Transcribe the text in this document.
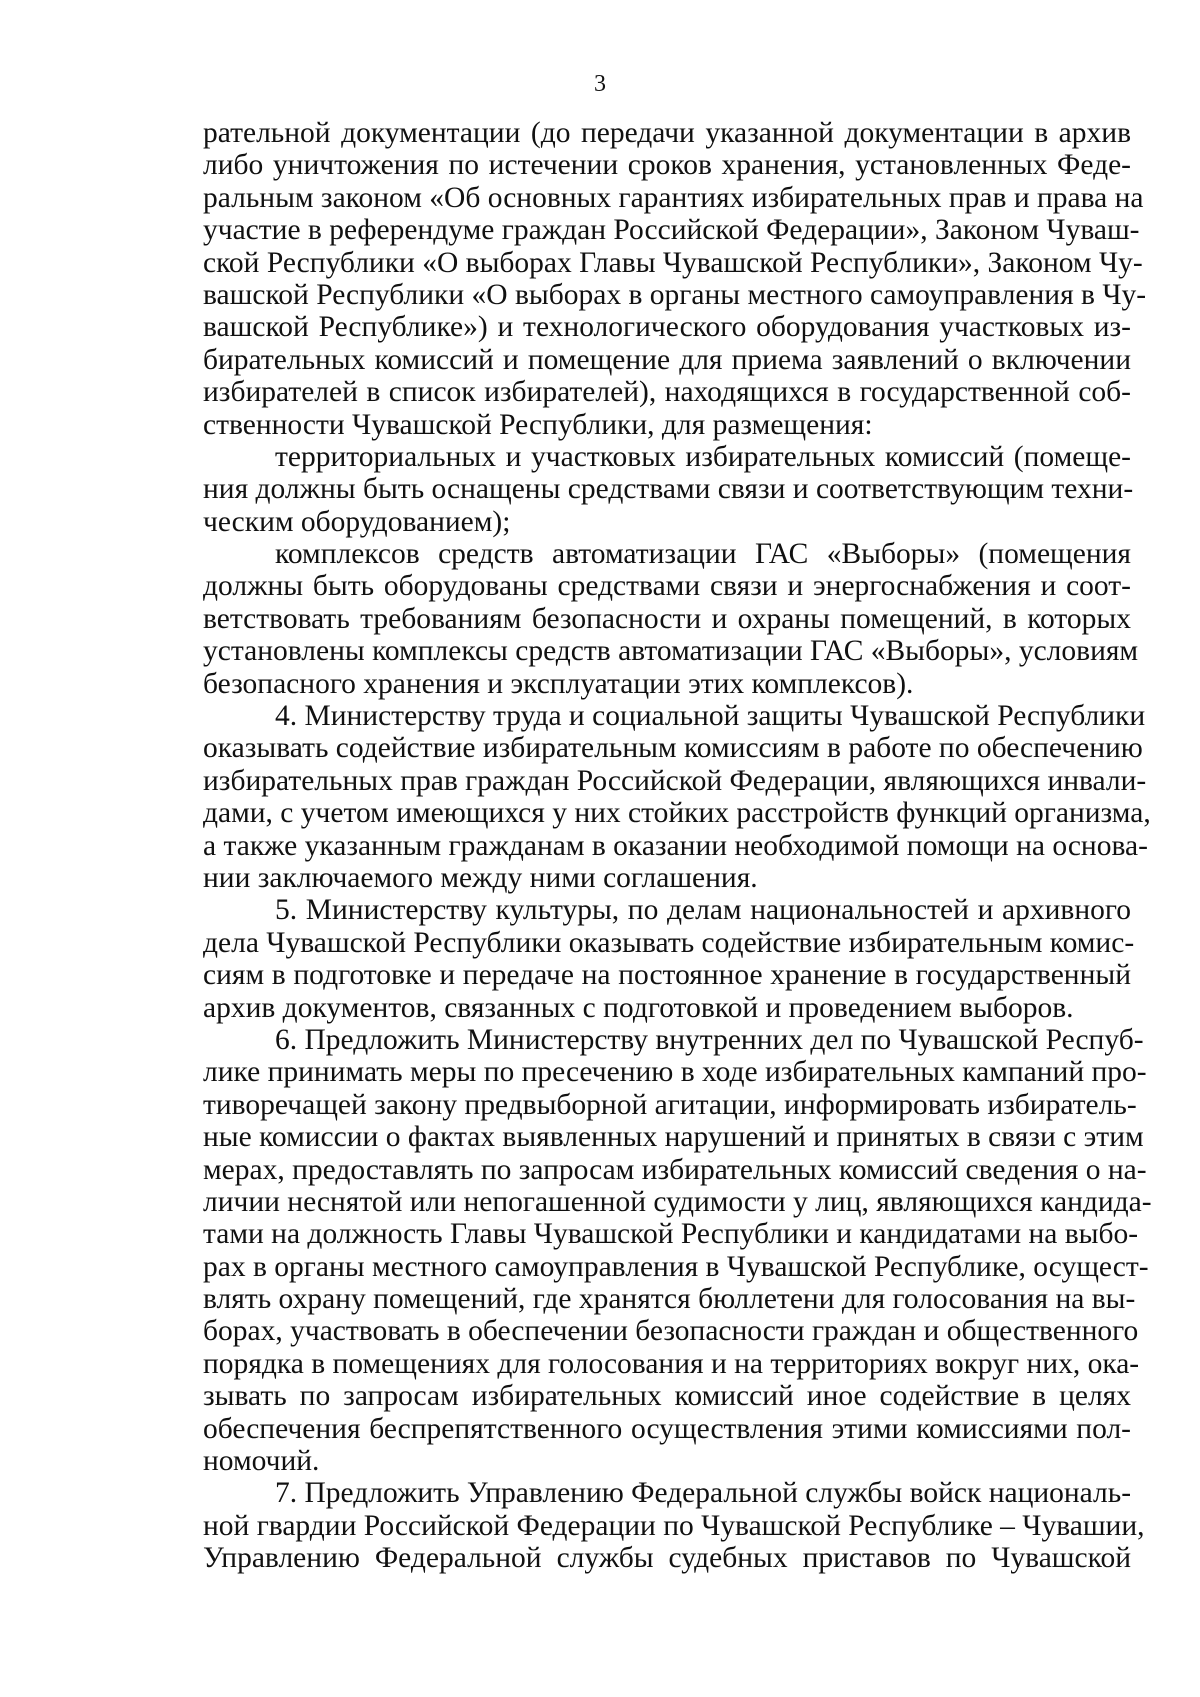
3
рательной документации (до передачи указанной документации в архив
либо уничтожения по истечении сроков хранения, установленных Феде-
ральным законом «Об основных гарантиях избирательных прав и права на
участие в референдуме граждан Российской Федерации», Законом Чуваш-
ской Республики «О выборах Главы Чувашской Республики», Законом Чу-
вашской Республики «О выборах в органы местного самоуправления в Чу-
вашской Республике») и технологического оборудования участковых из-
бирательных комиссий и помещение для приема заявлений о включении
избирателей в список избирателей), находящихся в государственной соб-
ственности Чувашской Республики, для размещения:
территориальных и участковых избирательных комиссий (помеще-
ния должны быть оснащены средствами связи и соответствующим техни-
ческим оборудованием);
комплексов средств автоматизации ГАС «Выборы» (помещения
должны быть оборудованы средствами связи и энергоснабжения и соот-
ветствовать требованиям безопасности и охраны помещений, в которых
установлены комплексы средств автоматизации ГАС «Выборы», условиям
безопасного хранения и эксплуатации этих комплексов).
4. Министерству труда и социальной защиты Чувашской Республики
оказывать содействие избирательным комиссиям в работе по обеспечению
избирательных прав граждан Российской Федерации, являющихся инвали-
дами, с учетом имеющихся у них стойких расстройств функций организма,
а также указанным гражданам в оказании необходимой помощи на основа-
нии заключаемого между ними соглашения.
5. Министерству культуры, по делам национальностей и архивного
дела Чувашской Республики оказывать содействие избирательным комис-
сиям в подготовке и передаче на постоянное хранение в государственный
архив документов, связанных с подготовкой и проведением выборов.
6. Предложить Министерству внутренних дел по Чувашской Респуб-
лике принимать меры по пресечению в ходе избирательных кампаний про-
тиворечащей закону предвыборной агитации, информировать избиратель-
ные комиссии о фактах выявленных нарушений и принятых в связи с этим
мерах, предоставлять по запросам избирательных комиссий сведения о на-
личии неснятой или непогашенной судимости у лиц, являющихся кандида-
тами на должность Главы Чувашской Республики и кандидатами на выбо-
рах в органы местного самоуправления в Чувашской Республике, осущест-
влять охрану помещений, где хранятся бюллетени для голосования на вы-
борах, участвовать в обеспечении безопасности граждан и общественного
порядка в помещениях для голосования и на территориях вокруг них, ока-
зывать по запросам избирательных комиссий иное содействие в целях
обеспечения беспрепятственного осуществления этими комиссиями пол-
номочий.
7. Предложить Управлению Федеральной службы войск националь-
ной гвардии Российской Федерации по Чувашской Республике – Чувашии,
Управлению Федеральной службы судебных приставов по Чувашской
